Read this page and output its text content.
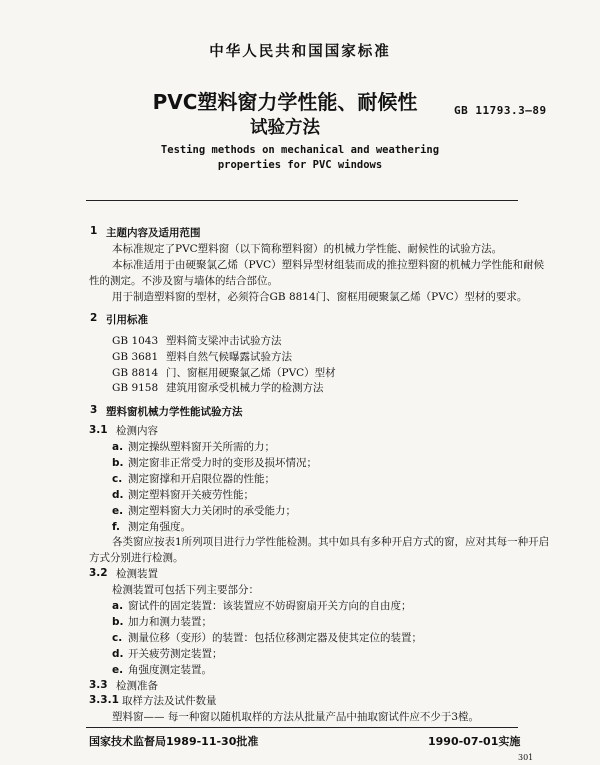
中华人民共和国国家标准
PVC塑料窗力学性能、耐候性
试验方法
GB 11793.3—89
Testing methods on mechanical and weathering
properties for PVC windows
1 主题内容及适用范围
本标准规定了PVC塑料窗（以下简称塑料窗）的机械力学性能、耐候性的试验方法。
本标准适用于由硬聚氯乙烯（PVC）塑料异型材组装而成的推拉塑料窗的机械力学性能和耐候
性的测定。不涉及窗与墙体的结合部位。
用于制造塑料窗的型材，必须符合GB 8814门、窗框用硬聚氯乙烯（PVC）型材的要求。
2 引用标准
GB 1043 塑料简支梁冲击试验方法
GB 3681 塑料自然气候曝露试验方法
GB 8814 门、窗框用硬聚氯乙烯（PVC）型材
GB 9158 建筑用窗承受机械力学的检测方法
3 塑料窗机械力学性能试验方法
3.1 检测内容
a. 测定操纵塑料窗开关所需的力；
b. 测定窗非正常受力时的变形及损坏情况；
c. 测定窗撑和开启限位器的性能；
d. 测定塑料窗开关疲劳性能；
e. 测定塑料窗大力关闭时的承受能力；
f. 测定角强度。
各类窗应按表1所列项目进行力学性能检测。其中如具有多种开启方式的窗，应对其每一种开启
方式分别进行检测。
3.2 检测装置
检测装置可包括下列主要部分：
a. 窗试件的固定装置：该装置应不妨碍窗扇开关方向的自由度；
b. 加力和测力装置；
c. 测量位移（变形）的装置：包括位移测定器及使其定位的装置；
d. 开关疲劳测定装置；
e. 角强度测定装置。
3.3 检测准备
3.3.1 取样方法及试件数量
塑料窗—— 每一种窗以随机取样的方法从批量产品中抽取窗试件应不少于3樘。
国家技术监督局1989-11-30批准	1990-07-01实施
301
